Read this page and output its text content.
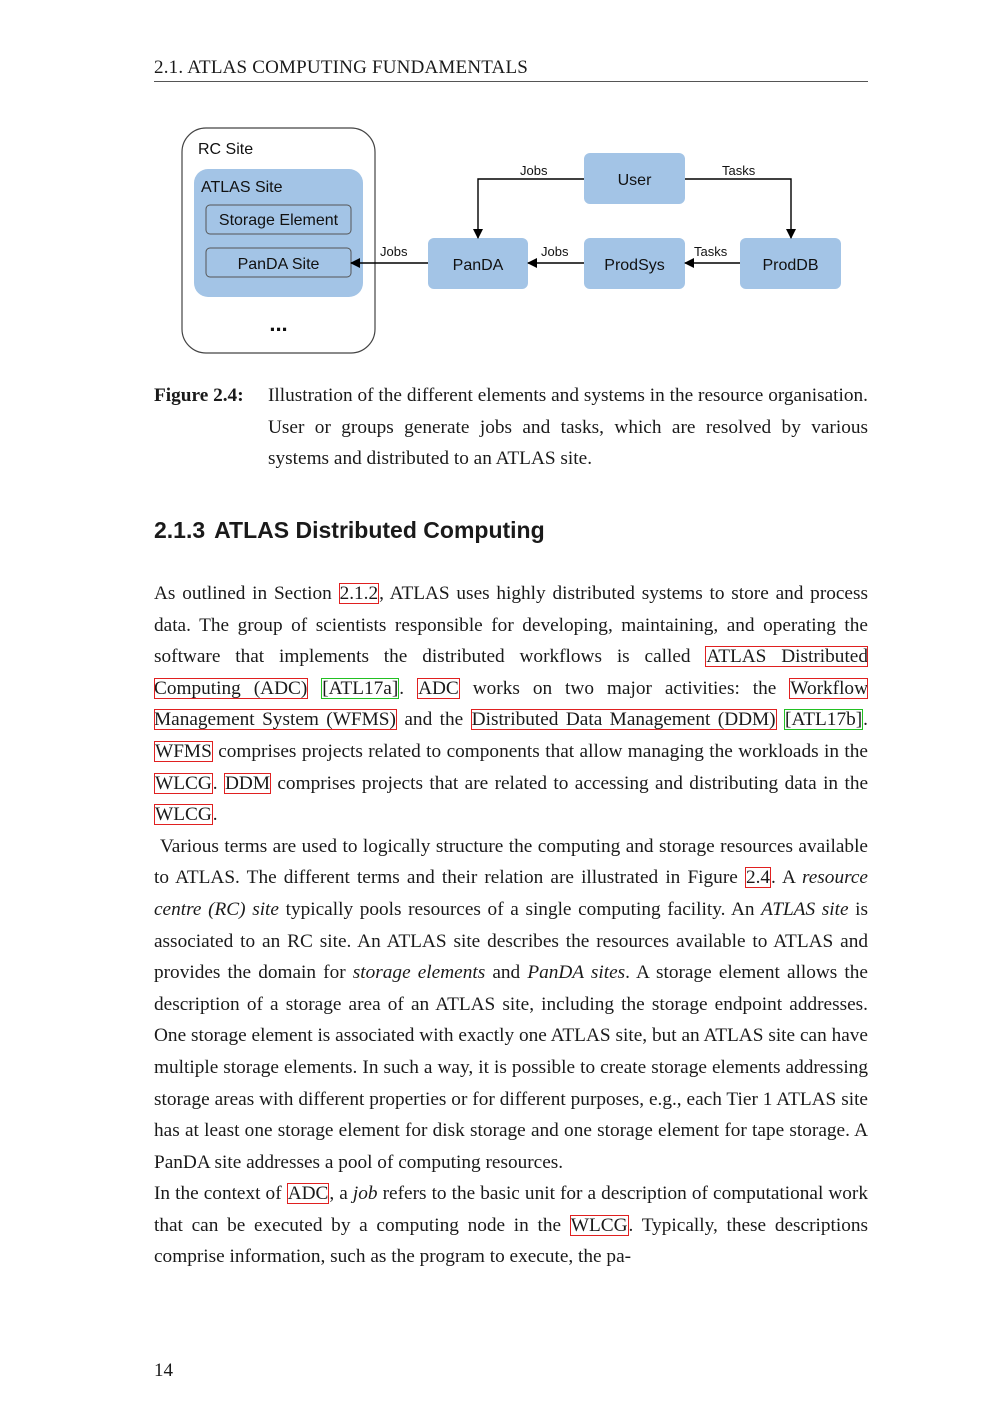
2.1. ATLAS COMPUTING FUNDAMENTALS
RC Site
ATLAS Site
Storage Element
PanDA Site
...
PanDA	ProdSys	ProdDB
User
Jobs	Jobs	Tasks
Jobs	Tasks
Figure 2.4:	Illustration of the different elements and systems in the resource organisation. User or groups generate jobs and tasks, which are resolved by various systems and distributed to an ATLAS site.
2.1.3 ATLAS Distributed Computing

As outlined in Section 2.1.2, ATLAS uses highly distributed systems to store and process data. The group of scientists responsible for developing, maintaining, and operating the software that implements the distributed workflows is called ATLAS Distributed Computing (ADC) [ATL17a]. ADC works on two major activities: the Workflow Management System (WFMS) and the Distributed Data Management (DDM) [ATL17b]. WFMS comprises projects related to components that allow managing the workloads in the WLCG. DDM comprises projects that are related to accessing and distributing data in the WLCG.

Various terms are used to logically structure the computing and storage resources available to ATLAS. The different terms and their relation are illustrated in Figure 2.4. A resource centre (RC) site typically pools resources of a single computing facility. An ATLAS site is associated to an RC site. An ATLAS site describes the resources available to ATLAS and provides the domain for storage elements and PanDA sites. A storage element allows the description of a storage area of an ATLAS site, including the storage endpoint addresses. One storage element is associated with exactly one ATLAS site, but an ATLAS site can have multiple storage elements. In such a way, it is possible to create storage elements addressing storage areas with different properties or for different purposes, e.g., each Tier 1 ATLAS site has at least one storage element for disk storage and one storage element for tape storage. A PanDA site addresses a pool of computing resources.

In the context of ADC, a job refers to the basic unit for a description of computational work that can be executed by a computing node in the WLCG. Typically, these descriptions comprise information, such as the program to execute, the pa-

14
